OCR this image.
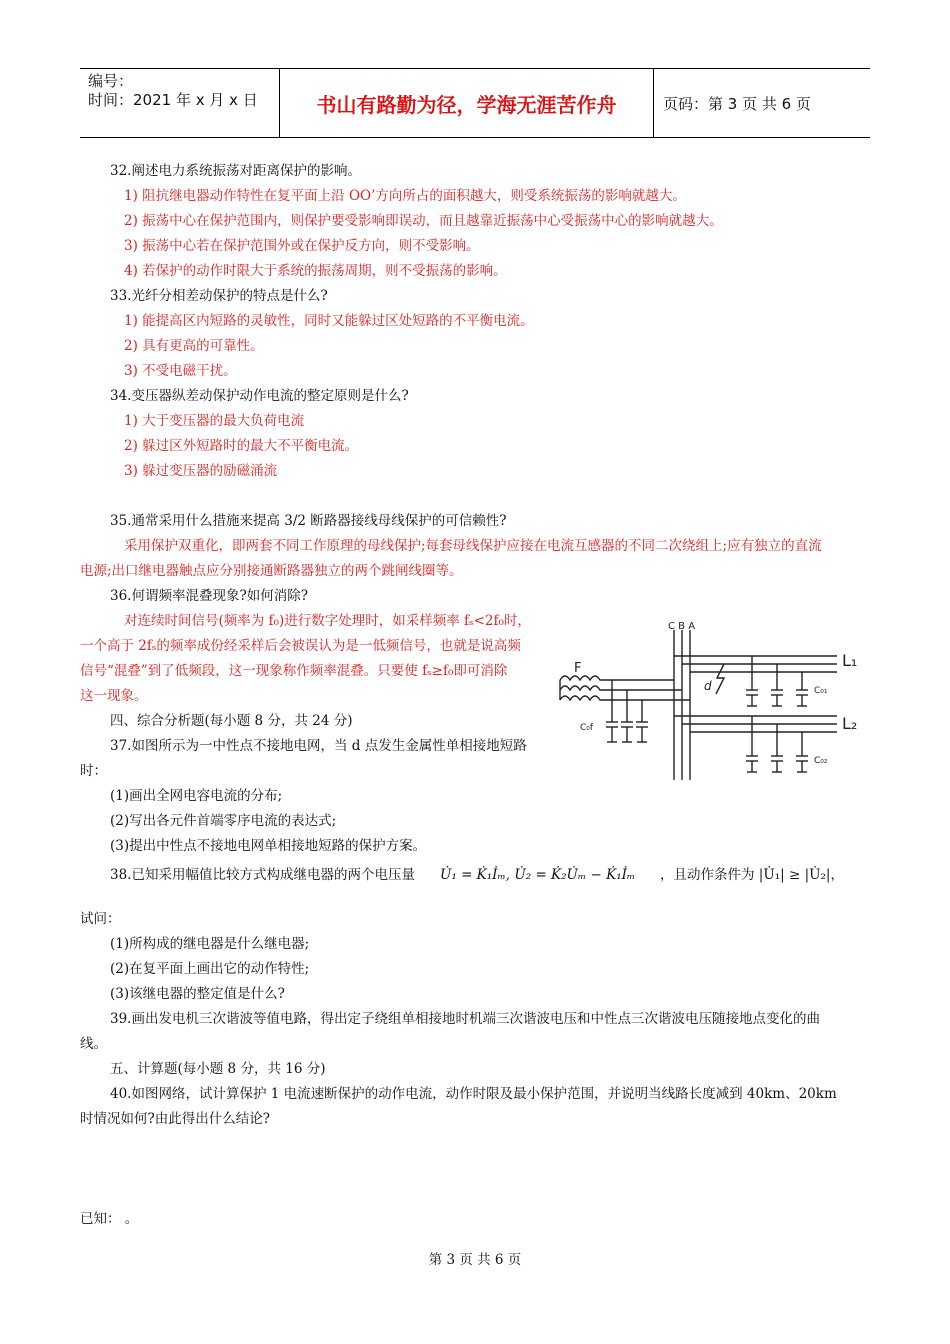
编号：
时间：2021 年 x 月 x 日	书山有路勤为径，学海无涯苦作舟	页码：第 3 页 共 6 页
32.阐述电力系统振荡对距离保护的影响。
1) 阻抗继电器动作特性在复平面上沿 OO’方向所占的面积越大，则受系统振荡的影响就越大。
2) 振荡中心在保护范围内，则保护要受影响即误动，而且越靠近振荡中心受振荡中心的影响就越大。
3) 振荡中心若在保护范围外或在保护反方向，则不受影响。
4) 若保护的动作时限大于系统的振荡周期，则不受振荡的影响。
33.光纤分相差动保护的特点是什么?
1) 能提高区内短路的灵敏性，同时又能躲过区处短路的不平衡电流。
2) 具有更高的可靠性。
3) 不受电磁干扰。
34.变压器纵差动保护动作电流的整定原则是什么?
1) 大于变压器的最大负荷电流
2) 躲过区外短路时的最大不平衡电流。
3) 躲过变压器的励磁涌流
35.通常采用什么措施来提高 3/2 断路器接线母线保护的可信赖性?
采用保护双重化，即两套不同工作原理的母线保护;每套母线保护应接在电流互感器的不同二次绕组上;应有独立的直流
电源;出口继电器触点应分别接通断路器独立的两个跳闸线圈等。
36.何谓频率混叠现象?如何消除?
对连续时间信号(频率为 f₀)进行数字处理时，如采样频率 fₛ<2f₀时，
一个高于 2fₛ的频率成份经采样后会被误认为是一低频信号，也就是说高频
信号“混叠”到了低频段，这一现象称作频率混叠。只要使 fₛ≥f₀即可消除
这一现象。
四、综合分析题(每小题 8 分，共 24 分)
37.如图所示为一中性点不接地电网，当 d 点发生金属性单相接地短路
时：
(1)画出全网电容电流的分布;
(2)写出各元件首端零序电流的表达式;
(3)提出中性点不接地电网单相接地短路的保护方案。
C B A
F
d
C₀f
C₀₁
C₀₂
L₁
L₂
38.已知采用幅值比较方式构成继电器的两个电压量 U̇₁ = K̇₁İₘ, U̇₂ = K̇₂U̇ₘ − K̇₁İₘ ，且动作条件为 |U̇₁| ≥ |U̇₂|，
试问：
(1)所构成的继电器是什么继电器;
(2)在复平面上画出它的动作特性;
(3)该继电器的整定值是什么?
39.画出发电机三次谐波等值电路，得出定子绕组单相接地时机端三次谐波电压和中性点三次谐波电压随接地点变化的曲
线。
五、计算题(每小题 8 分，共 16 分)
40.如图网络，试计算保护 1 电流速断保护的动作电流，动作时限及最小保护范围，并说明当线路长度减到 40km、20km
时情况如何?由此得出什么结论?
已知： 。
第 3 页 共 6 页
